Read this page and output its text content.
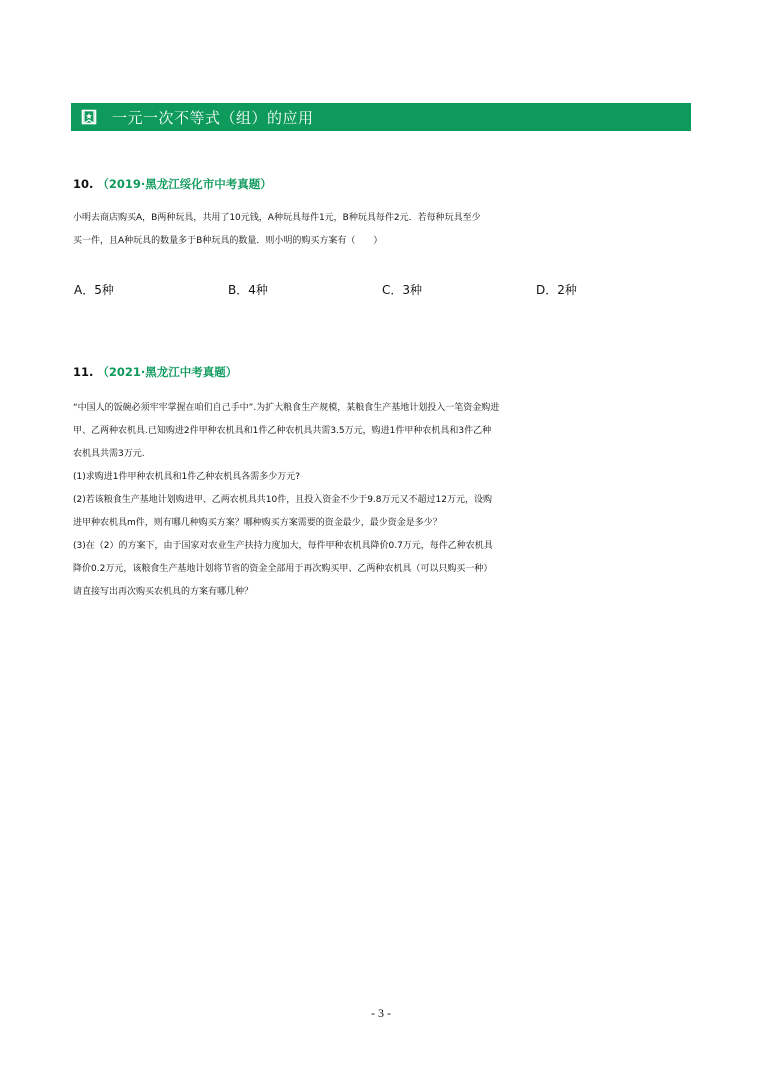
一元一次不等式（组）的应用
10. （2019·黑龙江绥化市中考真题）
小明去商店购买A，B两种玩具，共用了10元钱，A种玩具每件1元，B种玩具每件2元．若每种玩具至少
买一件，且A种玩具的数量多于B种玩具的数量．则小明的购买方案有（　　）
A．5种	B．4种	C．3种	D．2种
11. （2021·黑龙江中考真题）
“中国人的饭碗必须牢牢掌握在咱们自己手中”.为扩大粮食生产规模，某粮食生产基地计划投入一笔资金购进
甲、乙两种农机具.已知购进2件甲种农机具和1件乙种农机具共需3.5万元，购进1件甲种农机具和3件乙种
农机具共需3万元.
(1)求购进1件甲种农机具和1件乙种农机具各需多少万元?
(2)若该粮食生产基地计划购进甲、乙两农机具共10件，且投入资金不少于9.8万元又不超过12万元，设购
进甲种农机具m件，则有哪几种购买方案？哪种购买方案需要的资金最少，最少资金是多少？
(3)在（2）的方案下，由于国家对农业生产扶持力度加大，每件甲种农机具降价0.7万元，每件乙种农机具
降价0.2万元，该粮食生产基地计划将节省的资金全部用于再次购买甲、乙两种农机具（可以只购买一种）
请直接写出再次购买农机具的方案有哪几种？
- 3 -
